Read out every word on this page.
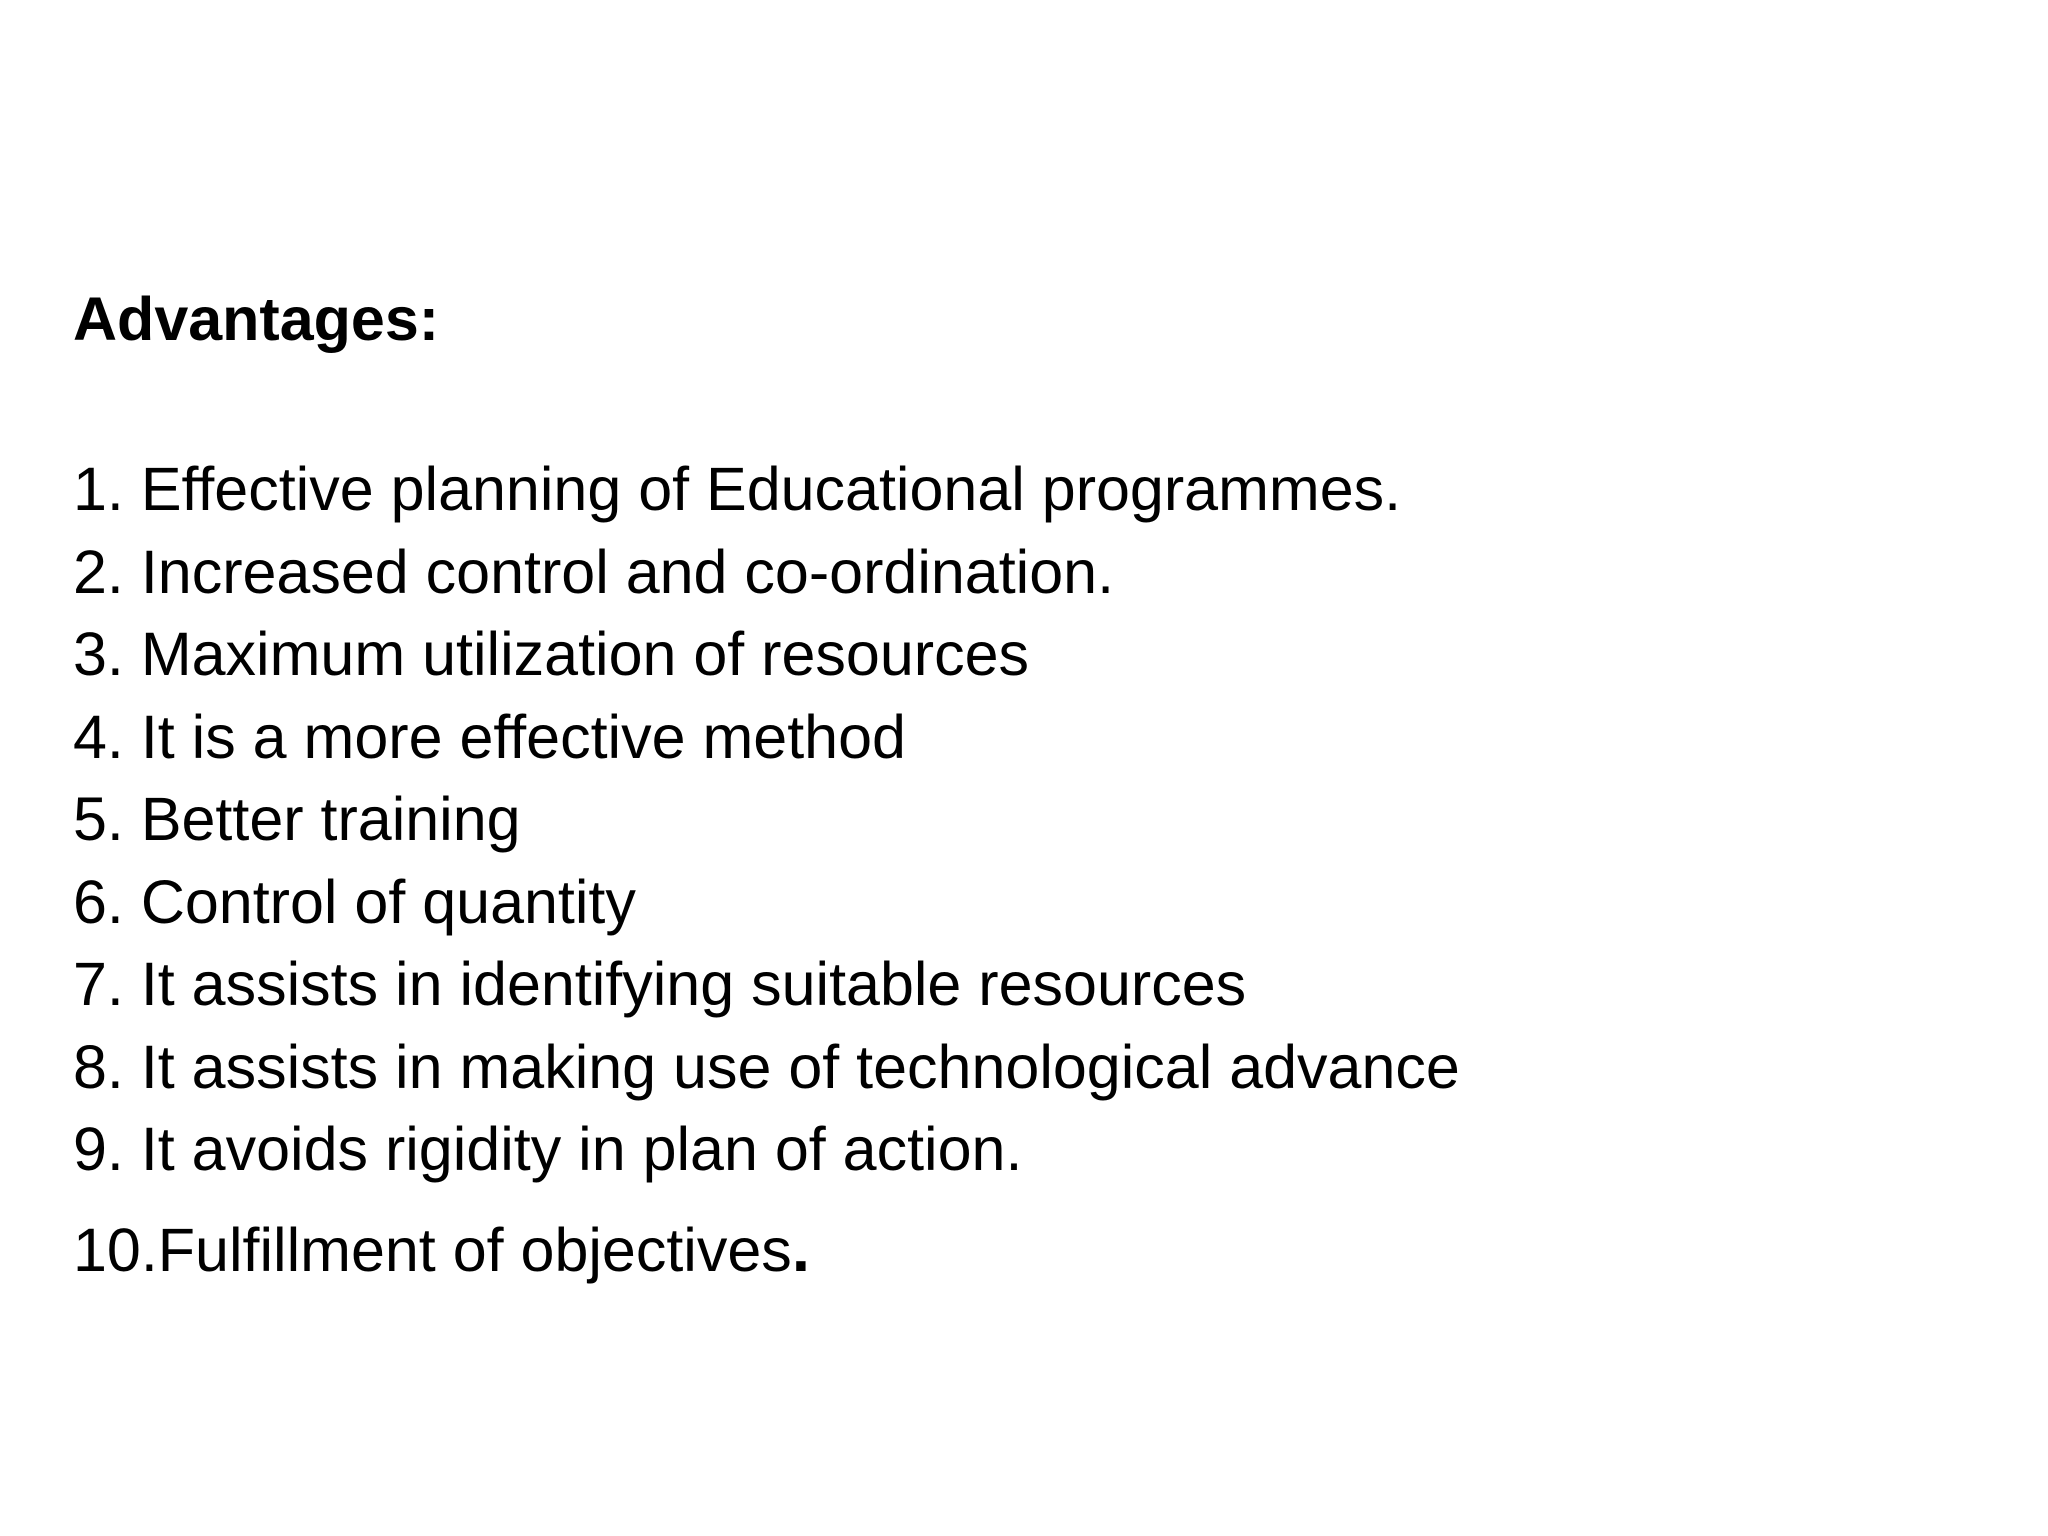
Advantages:
1. Effective planning of Educational programmes.
2. Increased control and co-ordination.
3. Maximum utilization of resources
4. It is a more effective method
5. Better training
6. Control of quantity
7. It assists in identifying suitable resources
8. It assists in making use of technological advance
9. It avoids rigidity in plan of action.
10.Fulfillment of objectives.
